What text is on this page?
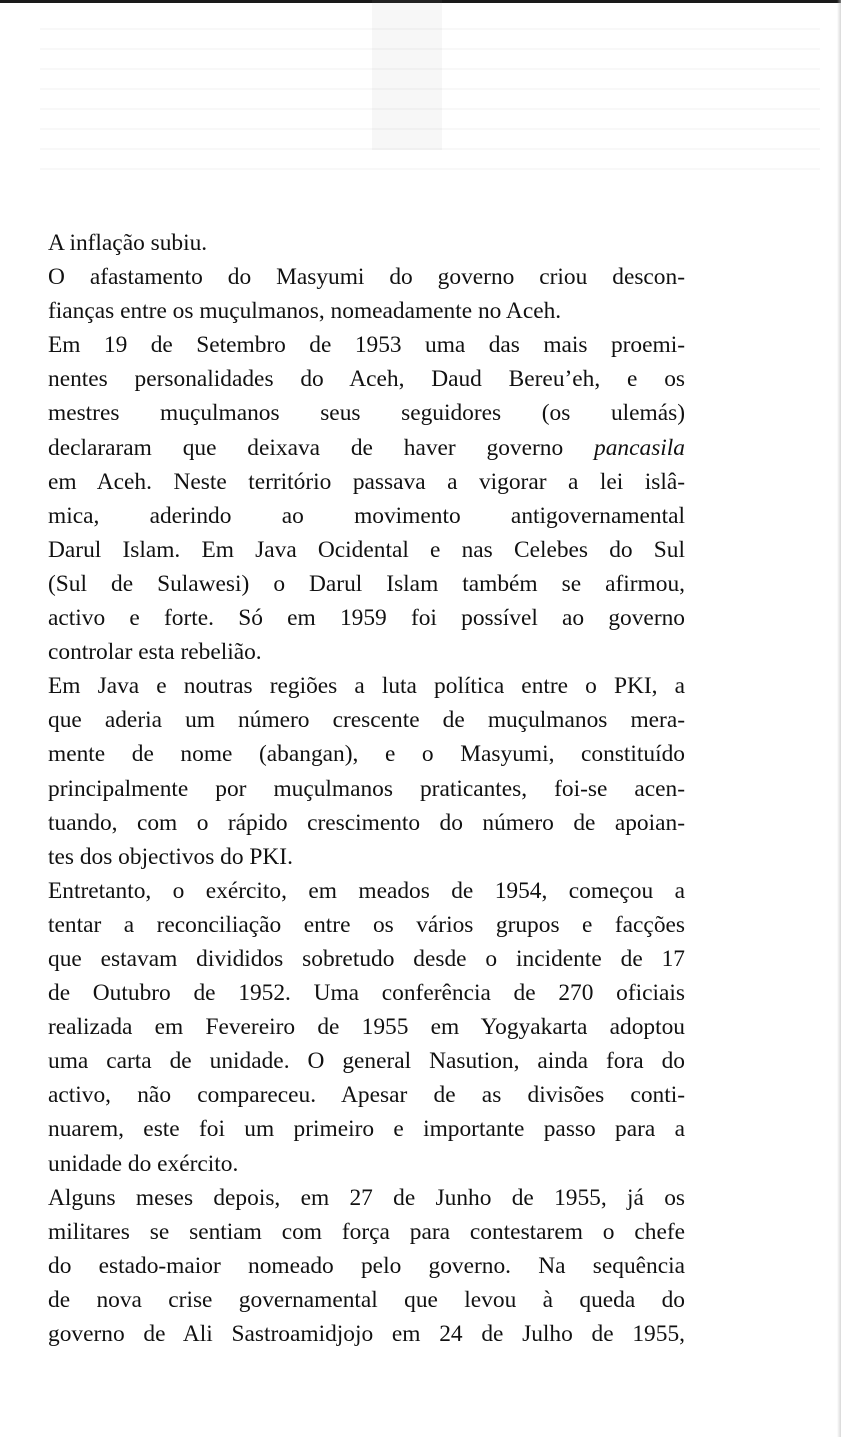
A inflação subiu.
O afastamento do Masyumi do governo criou descon-
fianças entre os muçulmanos, nomeadamente no Aceh.
Em 19 de Setembro de 1953 uma das mais proemi-
nentes personalidades do Aceh, Daud Bereu’eh, e os
mestres muçulmanos seus seguidores (os ulemás)
declararam que deixava de haver governo pancasila
em Aceh. Neste território passava a vigorar a lei islâ-
mica, aderindo ao movimento antigovernamental
Darul Islam. Em Java Ocidental e nas Celebes do Sul
(Sul de Sulawesi) o Darul Islam também se afirmou,
activo e forte. Só em 1959 foi possível ao governo
controlar esta rebelião.
Em Java e noutras regiões a luta política entre o PKI, a
que aderia um número crescente de muçulmanos mera-
mente de nome (abangan), e o Masyumi, constituído
principalmente por muçulmanos praticantes, foi-se acen-
tuando, com o rápido crescimento do número de apoian-
tes dos objectivos do PKI.
Entretanto, o exército, em meados de 1954, começou a
tentar a reconciliação entre os vários grupos e facções
que estavam divididos sobretudo desde o incidente de 17
de Outubro de 1952. Uma conferência de 270 oficiais
realizada em Fevereiro de 1955 em Yogyakarta adoptou
uma carta de unidade. O general Nasution, ainda fora do
activo, não compareceu. Apesar de as divisões conti-
nuarem, este foi um primeiro e importante passo para a
unidade do exército.
Alguns meses depois, em 27 de Junho de 1955, já os
militares se sentiam com força para contestarem o chefe
do estado-maior nomeado pelo governo. Na sequência
de nova crise governamental que levou à queda do
governo de Ali Sastroamidjojo em 24 de Julho de 1955,
